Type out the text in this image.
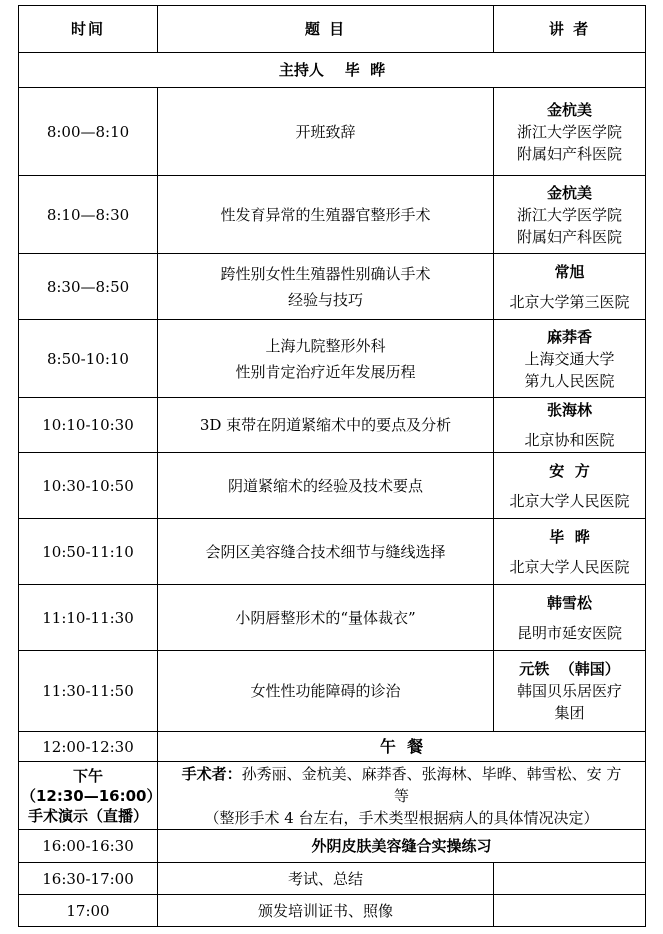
时间	题 目	讲 者
主持人    毕  晔		
8:00—8:10	开班致辞	金杭美
浙江大学医学院
附属妇产科医院

8:10—8:30	性发育异常的生殖器官整形手术	金杭美
浙江大学医学院
附属妇产科医院

8:30—8:50	跨性别女性生殖器性别确认手术
经验与技巧	常旭
北京大学第三医院

8:50-10:10	上海九院整形外科
性别肯定治疗近年发展历程	麻莽香
上海交通大学
第九人民医院

10:10-10:30	3D 束带在阴道紧缩术中的要点及分析	张海林
北京协和医院

10:30-10:50	阴道紧缩术的经验及技术要点	安  方
北京大学人民医院

10:50-11:10	会阴区美容缝合技术细节与缝线选择	毕  晔
北京大学人民医院

11:10-11:30	小阴唇整形术的“量体裁衣”	韩雪松
昆明市延安医院

11:30-11:50	女性性功能障碍的诊治	元铁  （韩国）
韩国贝乐居医疗
集团

12:00-12:30	午  餐	

下午
（12:30—16:00）
手术演示（直播）	手术者：孙秀丽、金杭美、麻莽香、张海林、毕晔、韩雪松、安 方
等
（整形手术 4 台左右，手术类型根据病人的具体情况决定）	

16:00-16:30	外阴皮肤美容缝合实操练习	
16:30-17:00	考试、总结	
17:00	颁发培训证书、照像	
